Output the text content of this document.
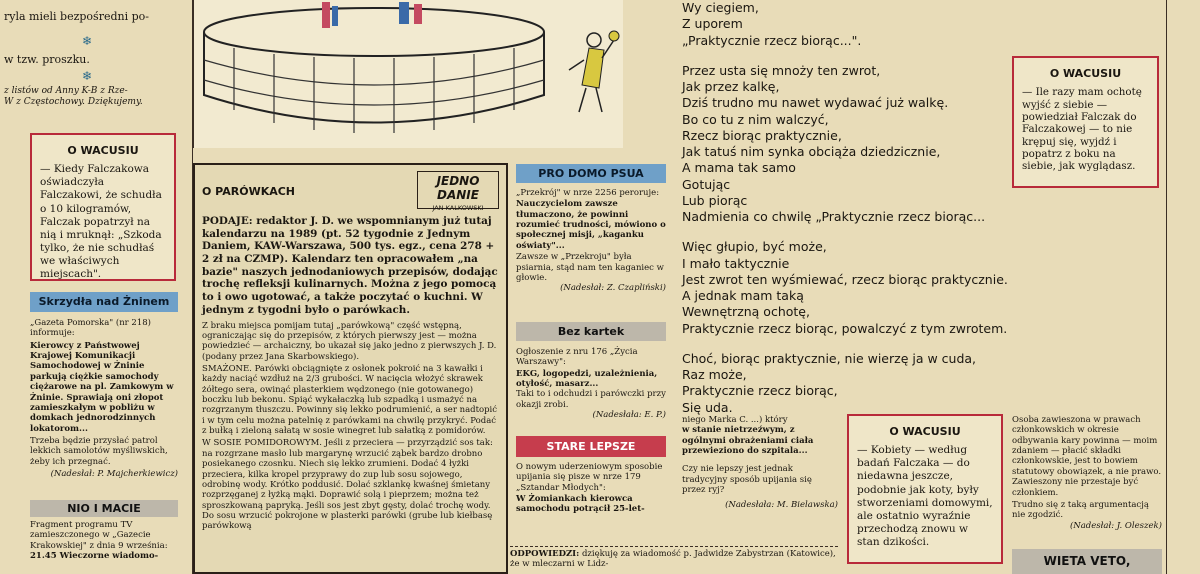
ryla mieli bezpośredni po-
❄
w tzw. proszku.
❄
z listów od Anny K-B z Rze-
W z Częstochowy. Dziękujemy.
O WACUSIU
— Kiedy Falczakowa oświadczyła Falczakowi, że schudła o 10 kilogramów, Falczak popatrzył na nią i mruknął: „Szkoda tylko, że nie schudłaś we właściwych miejscach".
Skrzydła nad Żninem
„Gazeta Pomorska" (nr 218) informuje:
Kierowcy z Państwowej Krajowej Komunikacji Samochodowej w Żninie parkują ciężkie samochody ciężarowe na pl. Zamkowym w Żninie. Sprawiają oni złopot zamieszkałym w pobliżu w domkach jednorodzinnych lokatorom...
Trzeba będzie przysłać patrol lekkich samolotów myśliwskich, żeby ich przegnać.
(Nadesłał: P. Majcherkiewicz)
NIO I MACIE
Fragment programu TV zamieszczonego w „Gazecie Krakowskiej" z dnia 9 września:
21.45 Wieczorne wiadomo-
O PARÓWKACH
JEDNO DANIE
JAN KALKOWSKI
PODAJE: redaktor J. D. we wspomnianym już tutaj kalendarzu na 1989 (pt. 52 tygodnie z Jednym Daniem, KAW-Warszawa, 500 tys. egz., cena 278 + 2 zł na CZMP). Kalendarz ten opracowałem „na bazie" naszych jednodaniowych przepisów, dodając trochę refleksji kulinarnych. Można z jego pomocą to i owo ugotować, a także poczytać o kuchni. W jednym z tygodni było o parówkach.
Z braku miejsca pomijam tutaj „parówkową" część wstępną, ograniczając się do przepisów, z których pierwszy jest — można powiedzieć — archaiczny, bo ukazał się jako jedno z pierwszych J. D. (podany przez Jana Skarbowskiego).
SMAŻONE. Parówki obciągnięte z osłonek pokroić na 3 kawałki i każdy naciąć wzdłuż na 2/3 grubości. W nacięcia włożyć skrawek żółtego sera, owinąć plasterkiem wędzonego (nie gotowanego) boczku lub bekonu. Spiąć wykałaczką lub szpadką i usmażyć na rozgrzanym tłuszczu. Powinny się lekko podrumienić, a ser nadtopić i w tym celu można patelnię z parówkami na chwilę przykryć. Podać z bułką i zieloną sałatą w sosie winegret lub sałatką z pomidorów.
W SOSIE POMIDOROWYM. Jeśli z przeciera — przyrządzić sos tak: na rozgrzane masło lub margarynę wrzucić ząbek bardzo drobno posiekanego czosnku. Niech się lekko zrumieni. Dodać 4 łyżki przeciera, kilka kropel przyprawy do zup lub sosu sojowego, odrobinę wody. Krótko poddusić. Dolać szklankę kwaśnej śmietany rozprzęganej z łyżką mąki. Doprawić solą i pieprzem; można też sproszkowaną papryką. Jeśli sos jest zbyt gęsty, dolać trochę wody. Do sosu wrzucić pokrojone w plasterki parówki (grube lub kiełbasę parówkową
PRO DOMO PSUA
„Przekrój" w nrze 2256 peroruje:
Nauczycielom zawsze tłumaczono, że powinni rozumieć trudności, mówiono o społecznej misji, „kaganku oświaty"...
Zawsze w „Przekroju" była psiarnia, stąd nam ten kaganiec w głowie.
(Nadesłał: Z. Czapliński)
Bez kartek
Ogłoszenie z nru 176 „Życia Warszawy":
EKG, logopedzi, uzależnienia, otyłość, masarz...
Taki to i odchudzi i parówczki przy okazji zrobi.
(Nadesłała: E. P.)
STARE LEPSZE
O nowym uderzeniowym sposobie upijania się pisze w nrze 179 „Sztandar Młodych":
W Żomiankach kierowca samochodu potrącił 25-let-
ODPOWIEDZI: dziękuję za wiadomość p. Jadwidze Zabystrzan (Katowice), że w mleczarni w Lidz-

Wy ciegiem,
Z uporem
„Praktycznie rzecz biorąc...".

Przez usta się mnoży ten zwrot,
Jak przez kalkę,
Dziś trudno mu nawet wydawać już walkę.
Bo co tu z nim walczyć,
Rzecz biorąc praktycznie,
Jak tatuś nim synka obciąża dziedzicznie,
A mama tak samo
Gotując
Lub piorąc
Nadmienia co chwilę „Praktycznie rzecz biorąc...

Więc głupio, być może,
I mało taktycznie
Jest zwrot ten wyśmiewać, rzecz biorąc praktycznie.
A jednak mam taką
Wewnętrzną ochotę,
Praktycznie rzecz biorąc, powalczyć z tym zwrotem.

Choć, biorąc praktycznie, nie wierzę ja w cuda,
Raz może,
Praktycznie rzecz biorąc,
Się uda.

niego Marka C. ...) który
w stanie nietrzeźwym, z ogólnymi obrażeniami ciała przewieziono do szpitala...
Czy nie lepszy jest jednak tradycyjny sposób upijania się przez ryj?
(Nadesłała: M. Bielawska)
O WACUSIU
— Kobiety — według badań Falczaka — do niedawna jeszcze, podobnie jak koty, były stworzeniami domowymi, ale ostatnio wyraźnie przechodzą znowu w stan dzikości.
O WACUSIU
— Ile razy mam ochotę wyjść z siebie — powiedział Falczak do Falczakowej — to nie krępuj się, wyjdź i popatrz z boku na siebie, jak wyglądasz.
Osoba zawieszona w prawach członkowskich w okresie odbywania kary powinna — moim zdaniem — płacić składki członkowskie, jest to bowiem statutowy obowiązek, a nie prawo. Zawieszony nie przestaje być członkiem.
Trudno się z taką argumentacją nie zgodzić.
(Nadesłał: J. Oleszek)
WIETA VETO,
